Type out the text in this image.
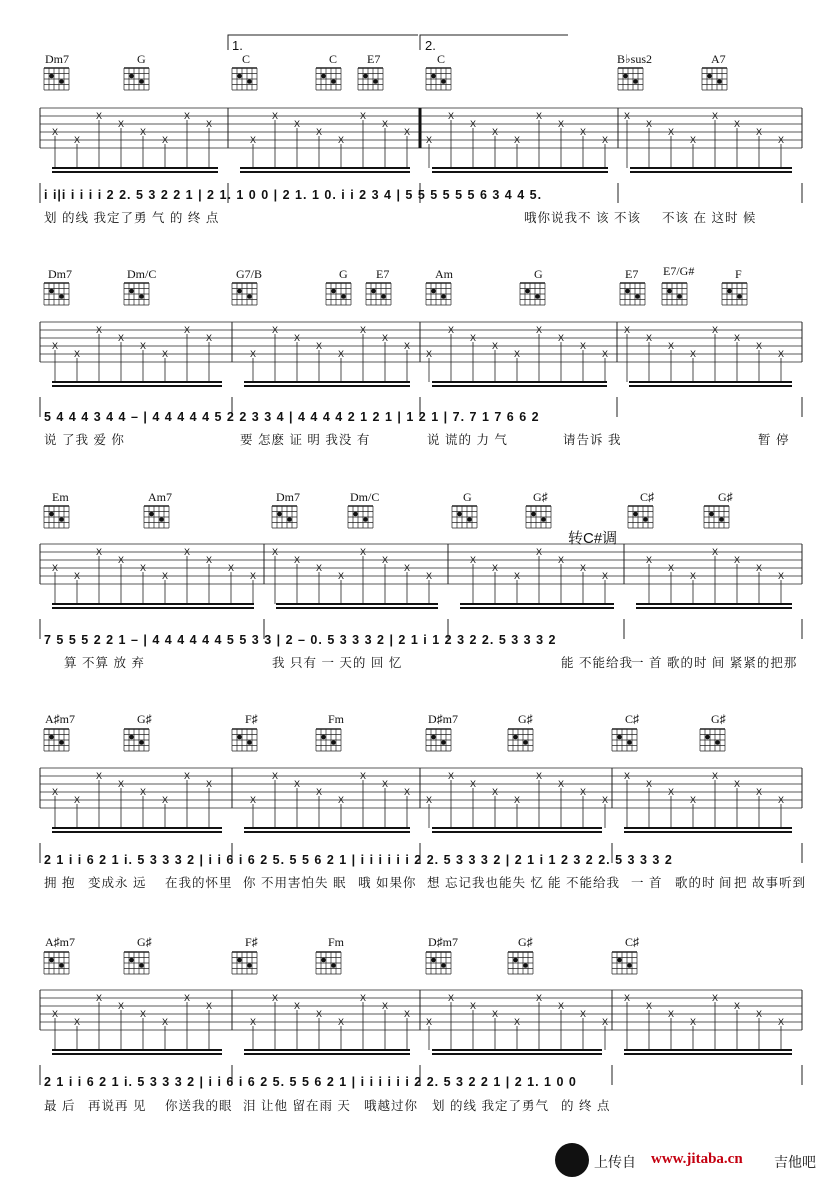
X
X
X
X
X
X
X
X
X
X
X
X
X
X
X
X
X
X
X
X
X
X
X
X
X
X
X
X
X
X
X
X
X
X
X
X
X
X
X
X
X
X
X
X
X
X
X
X
X
X
X
X
X
X
X
X
X
X
X
X
X
X
X
X
X
X
X
X
X
X
X
X
X
X
X
X
X
X
X
X
X
X
X
X
X
X
X
X
X
X
X
X
X
X
X
X
X
X
X
X
X
X
X
X
X
X
X
X
X
X
X
X
X
X
X
X
X
X
X
X
X
X
X
X
X
X
X
X
X
X
X
X
X
X
X
X
X
X
X
X
X
X
X
X
X
X
X
X
X
X
X
X
X
X
X
X
X
X
X
X
X
X
X
X
1.	2.
转C#调
Dm7	G	C	C E7	C	B♭sus2	A7
i i|i i i i i 2 2. 5 3 2 2 1 | 2 1. 1 0 0 | 2 1. 1 0. i i 2 3 4 | 5 5 5 5 5 5 6 3 4 4 5.
划 的线 我定了勇 气 的 终 点	哦你说我不 该 不该 不该 在 这时 候
Dm7	Dm/C	G7/B	G E7	Am	G	E7 E7/G#	F
5 4 4 4 3 4 4 – | 4 4 4 4 4 5 2 2 3 3 4 | 4 4 4 4 2 1 2 1 | 1 2 1 | 7. 7 1 7 6 6 2
说 了我 爱 你	要 怎麽 证 明 我没 有	说 谎的 力 气	请告诉 我	暂 停
Em	Am7	Dm7	Dm/C	G	G♯	C♯	G♯
7 5 5 5 2 2 1 – | 4 4 4 4 4 4 5 5 3 3 | 2 – 0. 5 3 3 3 2 | 2 1 i 1 2 3 2 2. 5 3 3 3 2
算 不算 放 弃	我 只有 一 天的 回 忆	能 不能给我
一 首 歌的时 间 紧紧的把那
A♯m7	G♯	F♯	Fm	D♯m7	G♯	C♯	G♯
2 1 i i 6 2 1 i. 5 3 3 3 2 | i i 6 i 6 2 5. 5 5 6 2 1 | i i i i i i 2 2. 5 3 3 3 2 | 2 1 i 1 2 3 2 2. 5 3 3 3 2
拥 抱 变成永 远 在我的怀里 你 不用害怕失 眠 哦 如果你 想 忘记我也能失 忆 能 不能给我 一 首 歌的时 间 把 故事听到
A♯m7	G♯	F♯	Fm	D♯m7	G♯	C♯
2 1 i i 6 2 1 i. 5 3 3 3 2 | i i 6 i 6 2 5. 5 5 6 2 1 | i i i i i i 2 2. 5 3 2 2 1 | 2 1. 1 0 0
最 后 再说再 见 你送我的眼 泪 让他 留在雨 天 哦越过你 划 的线 我定了勇气 的 终 点
上传自 www.jitaba.cn 吉他吧
